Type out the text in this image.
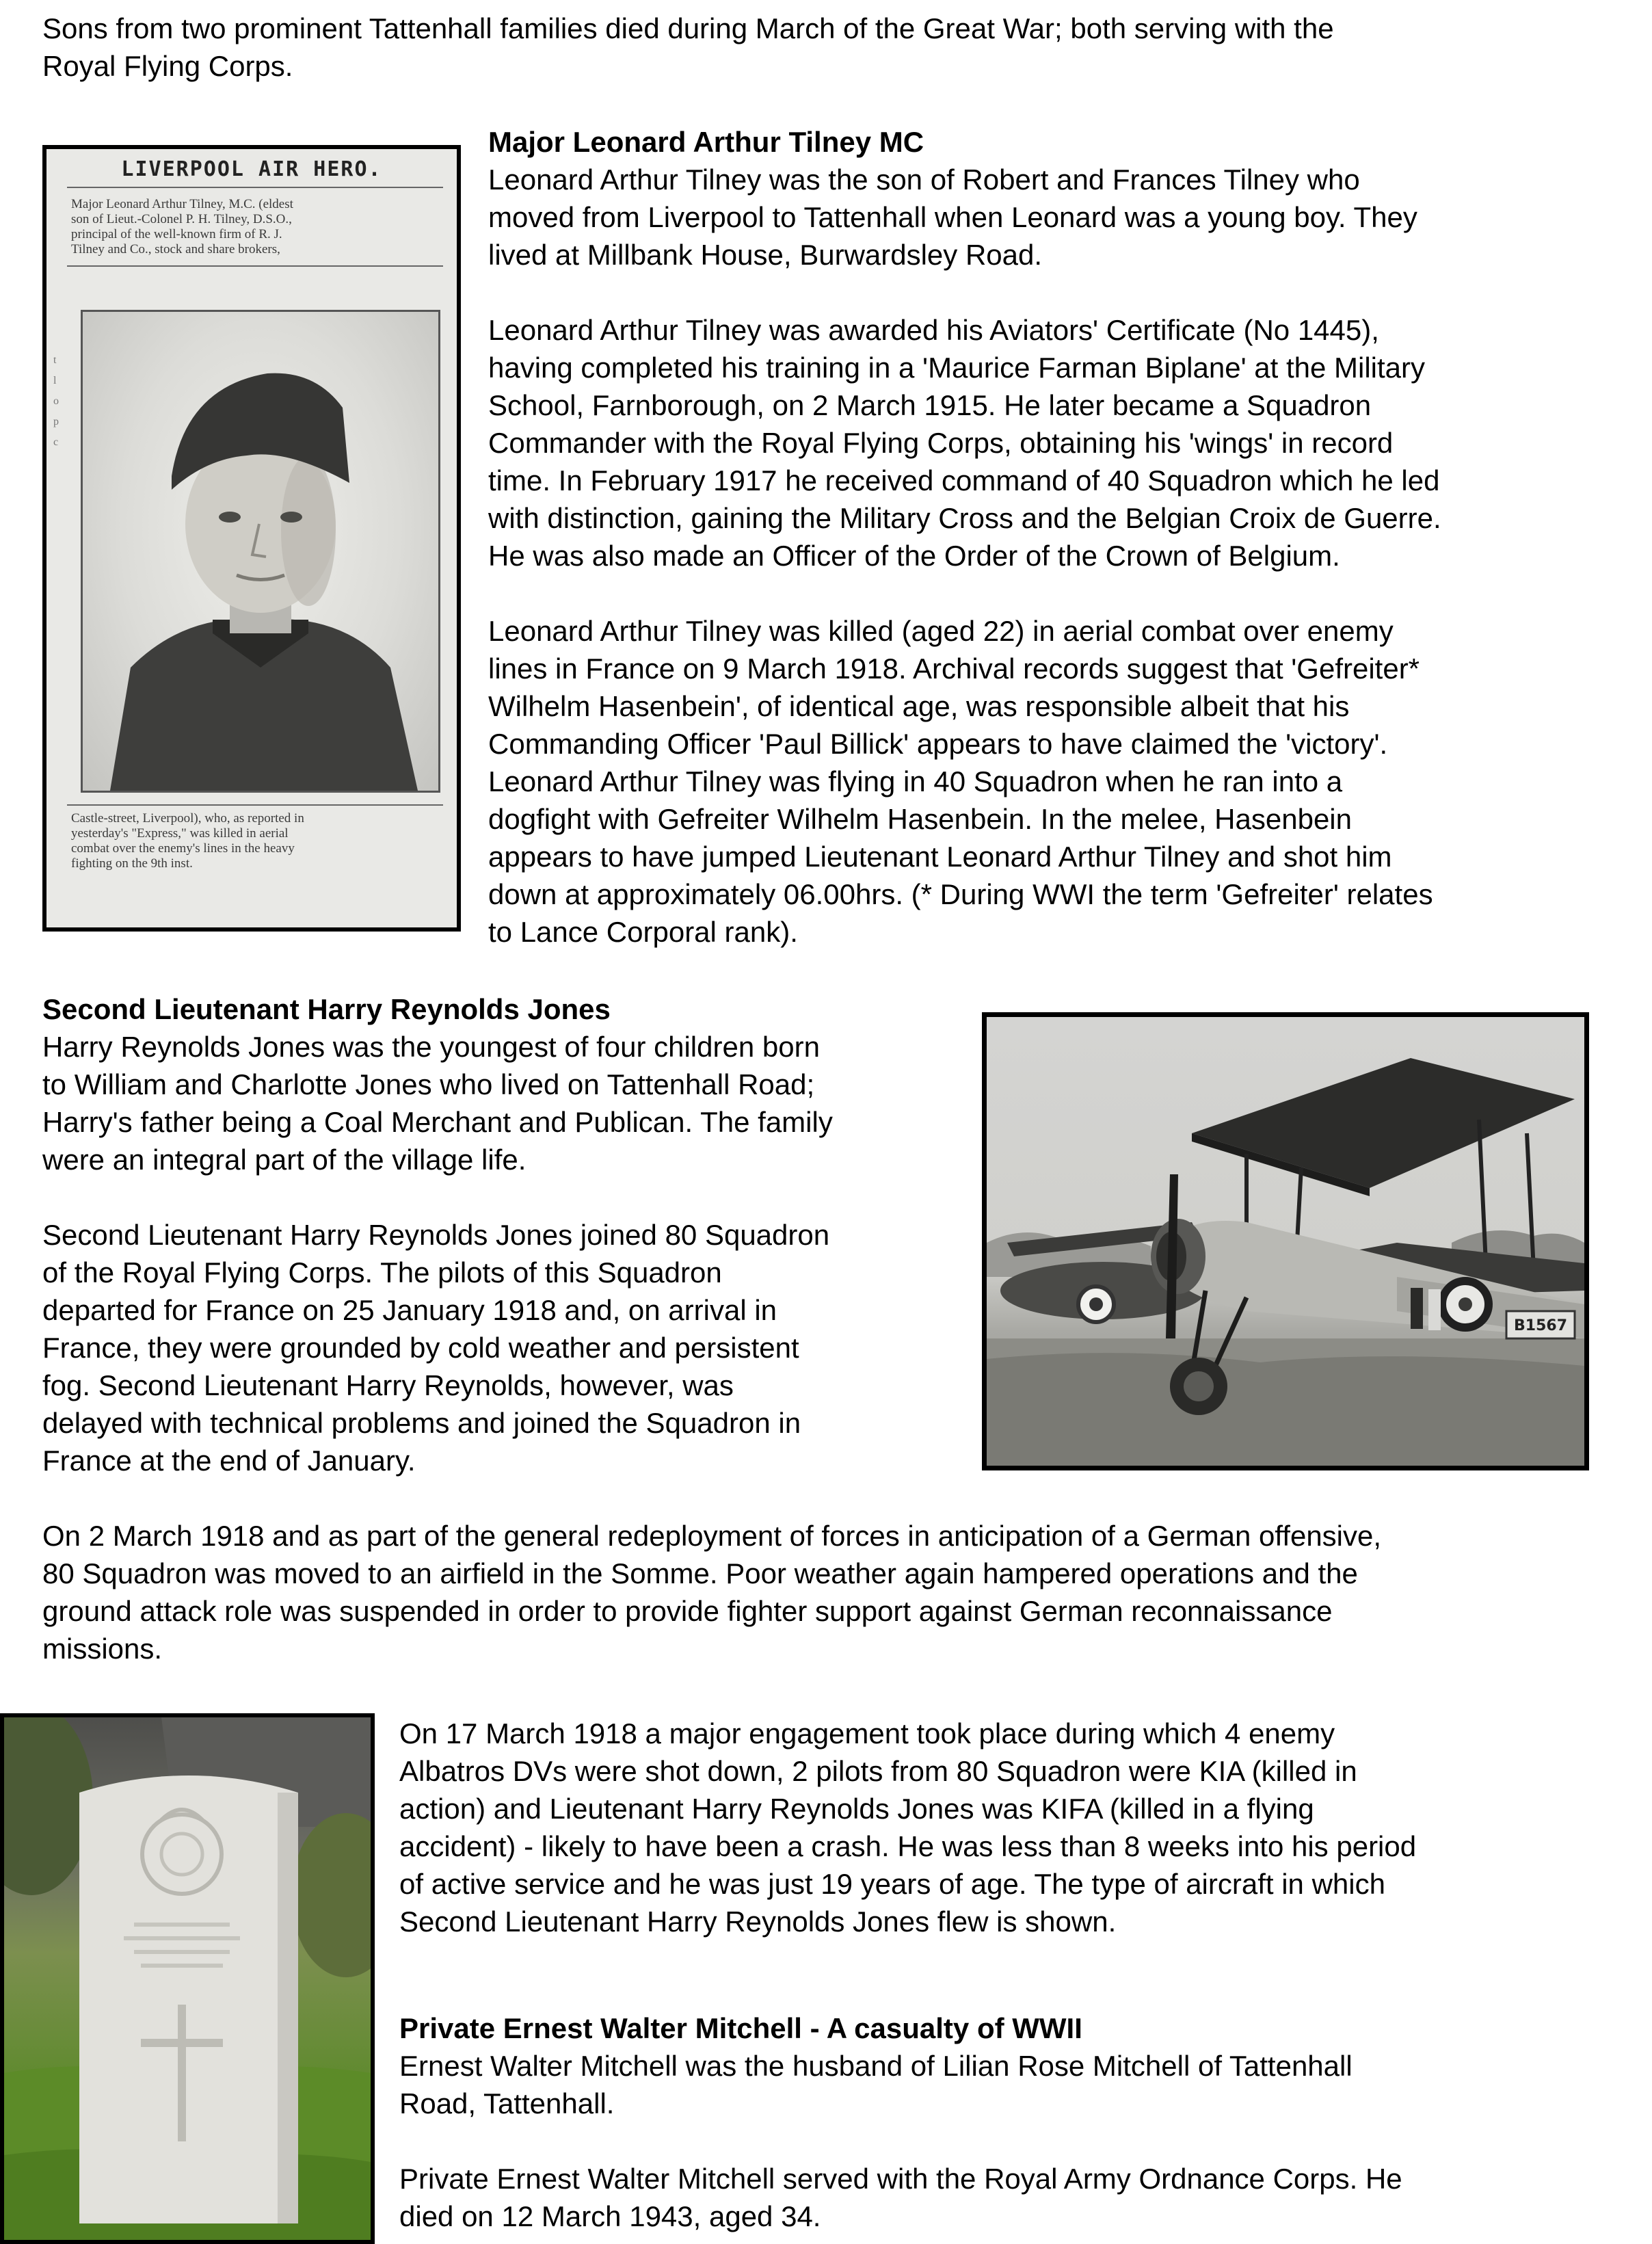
Sons from two prominent Tattenhall families died during March of the Great War; both serving with the

Royal Flying Corps.

LIVERPOOL AIR HERO.
Major Leonard Arthur Tilney, M.C. (eldest
son of Lieut.-Colonel P. H. Tilney, D.S.O.,
principal of the well-known firm of R. J.
Tilney and Co., stock and share brokers,
t
l
o
p
c
Castle-street, Liverpool), who, as reported in
yesterday's "Express," was killed in aerial
combat over the enemy's lines in the heavy
fighting on the 9th inst.

Major Leonard Arthur Tilney MC

Leonard Arthur Tilney was the son of Robert and Frances Tilney who

moved from Liverpool to Tattenhall when Leonard was a young boy. They

lived at Millbank House, Burwardsley Road.

Leonard Arthur Tilney was awarded his Aviators' Certificate (No 1445),

having completed his training in a 'Maurice Farman Biplane' at the Military

School, Farnborough, on 2 March 1915. He later became a Squadron

Commander with the Royal Flying Corps, obtaining his 'wings' in record

time. In February 1917 he received command of 40 Squadron which he led

with distinction, gaining the Military Cross and the Belgian Croix de Guerre.

He was also made an Officer of the Order of the Crown of Belgium.

Leonard Arthur Tilney was killed (aged 22) in aerial combat over enemy

lines in France on 9 March 1918. Archival records suggest that 'Gefreiter*

Wilhelm Hasenbein', of identical age, was responsible albeit that his

Commanding Officer 'Paul Billick' appears to have claimed the 'victory'.

Leonard Arthur Tilney was flying in 40 Squadron when he ran into a

dogfight with Gefreiter Wilhelm Hasenbein. In the melee, Hasenbein

appears to have jumped Lieutenant Leonard Arthur Tilney and shot him

down at approximately 06.00hrs. (* During WWI the term 'Gefreiter' relates

to Lance Corporal rank).

Second Lieutenant Harry Reynolds Jones

Harry Reynolds Jones was the youngest of four children born

to William and Charlotte Jones who lived on Tattenhall Road;

Harry's father being a Coal Merchant and Publican. The family

were an integral part of the village life.

Second Lieutenant Harry Reynolds Jones joined 80 Squadron

of the Royal Flying Corps. The pilots of this Squadron

departed for France on 25 January 1918 and, on arrival in

France, they were grounded by cold weather and persistent

fog. Second Lieutenant Harry Reynolds, however, was

delayed with technical problems and joined the Squadron in

France at the end of January.

On 2 March 1918 and as part of the general redeployment of forces in anticipation of a German offensive,

80 Squadron was moved to an airfield in the Somme. Poor weather again hampered operations and the

ground attack role was suspended in order to provide fighter support against German reconnaissance

missions.

B1567

On 17 March 1918 a major engagement took place during which 4 enemy

Albatros DVs were shot down, 2 pilots from 80 Squadron were KIA (killed in

action) and Lieutenant Harry Reynolds Jones was KIFA (killed in a flying

accident) - likely to have been a crash. He was less than 8 weeks into his period

of active service and he was just 19 years of age. The type of aircraft in which

Second Lieutenant Harry Reynolds Jones flew is shown.

Private Ernest Walter Mitchell - A casualty of WWII

Ernest Walter Mitchell was the husband of Lilian Rose Mitchell of Tattenhall

Road, Tattenhall.

Private Ernest Walter Mitchell served with the Royal Army Ordnance Corps. He

died on 12 March 1943, aged 34.
